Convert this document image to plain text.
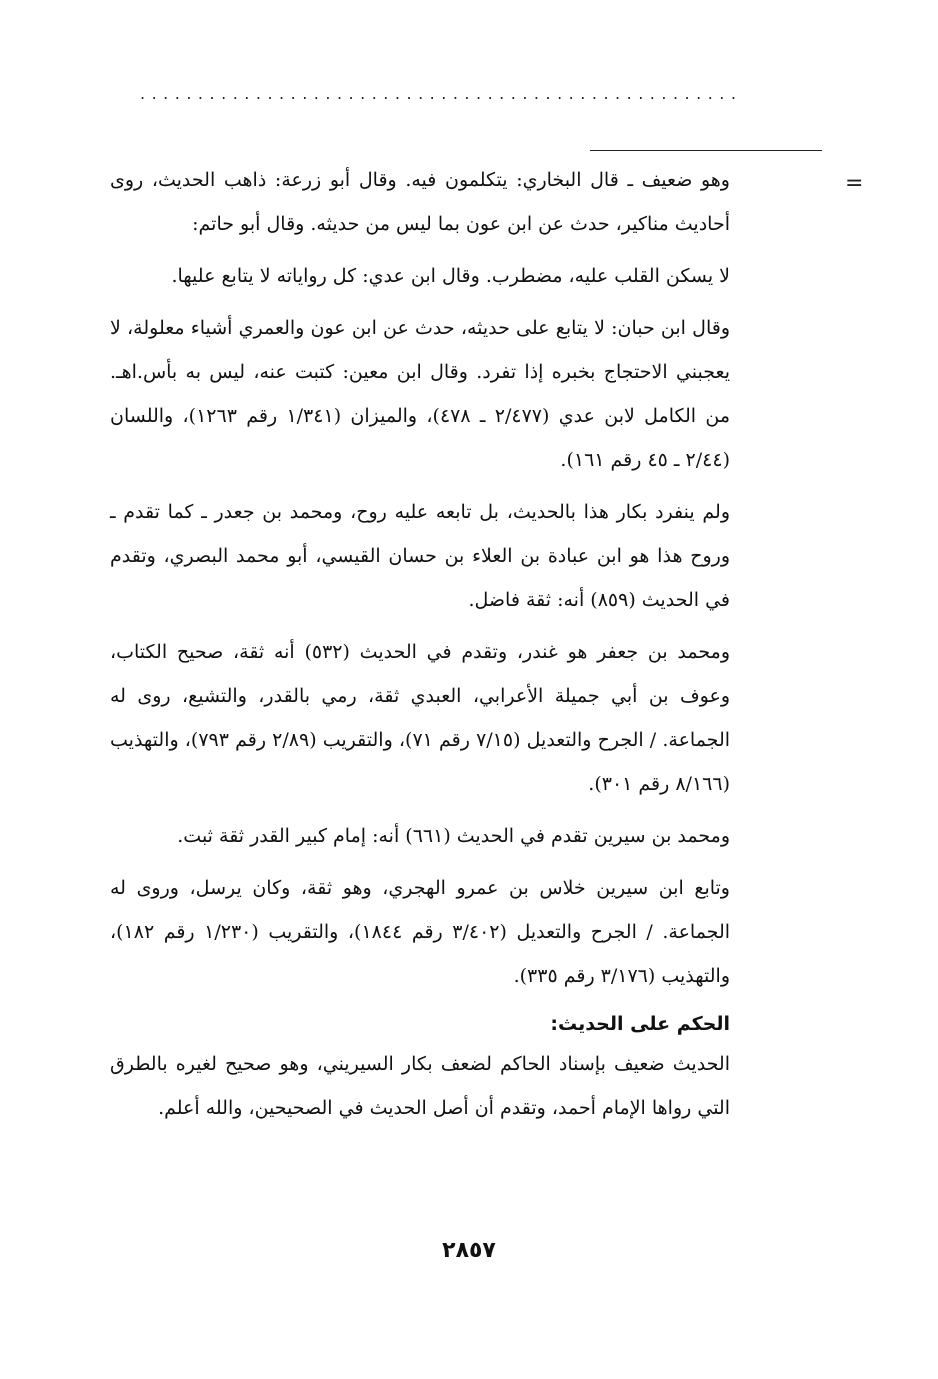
....................................................
=

وهو ضعيف ـ قال البخاري: يتكلمون فيه. وقال أبو زرعة: ذاهب الحديث، روى أحاديث مناكير، حدث عن ابن عون بما ليس من حديثه. وقال أبو حاتم:

لا يسكن القلب عليه، مضطرب. وقال ابن عدي: كل رواياته لا يتابع عليها.

وقال ابن حبان: لا يتابع على حديثه، حدث عن ابن عون والعمري أشياء معلولة، لا يعجبني الاحتجاج بخبره إذا تفرد. وقال ابن معين: كتبت عنه، ليس به بأس.اهـ. من الكامل لابن عدي (٢/٤٧٧ ـ ٤٧٨)، والميزان (١/٣٤١ رقم ١٢٦٣)، واللسان (٢/٤٤ ـ ٤٥ رقم ١٦١).

ولم ينفرد بكار هذا بالحديث، بل تابعه عليه روح، ومحمد بن جعدر ـ كما تقدم ـ وروح هذا هو ابن عبادة بن العلاء بن حسان القيسي، أبو محمد البصري، وتقدم في الحديث (٨٥٩) أنه: ثقة فاضل.

ومحمد بن جعفر هو غندر، وتقدم في الحديث (٥٣٢) أنه ثقة، صحيح الكتاب، وعوف بن أبي جميلة الأعرابي، العبدي ثقة، رمي بالقدر، والتشيع، روى له الجماعة. / الجرح والتعديل (٧/١٥ رقم ٧١)، والتقريب (٢/٨٩ رقم ٧٩٣)، والتهذيب (٨/١٦٦ رقم ٣٠١).

ومحمد بن سيرين تقدم في الحديث (٦٦١) أنه: إمام كبير القدر ثقة ثبت.

وتابع ابن سيرين خلاس بن عمرو الهجري، وهو ثقة، وكان يرسل، وروى له الجماعة. / الجرح والتعديل (٣/٤٠٢ رقم ١٨٤٤)، والتقريب (١/٢٣٠ رقم ١٨٢)، والتهذيب (٣/١٧٦ رقم ٣٣٥).

الحكم على الحديث:

الحديث ضعيف بإسناد الحاكم لضعف بكار السيريني، وهو صحيح لغيره بالطرق التي رواها الإمام أحمد، وتقدم أن أصل الحديث في الصحيحين، والله أعلم.

٢٨٥٧
